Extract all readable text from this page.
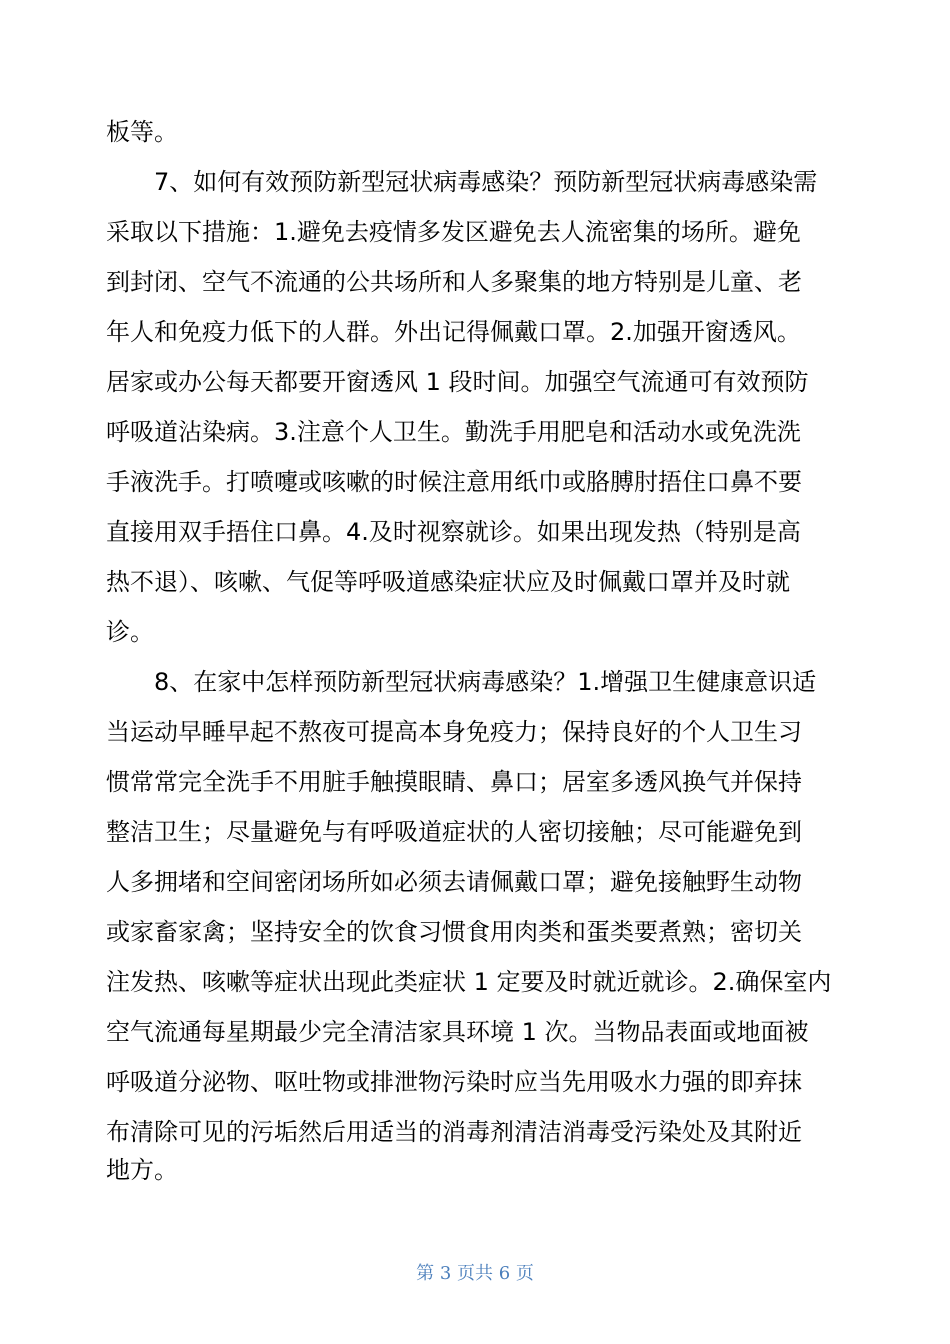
板等。
7、如何有效预防新型冠状病毒感染？预防新型冠状病毒感染需
采取以下措施：1.避免去疫情多发区避免去人流密集的场所。避免
到封闭、空气不流通的公共场所和人多聚集的地方特别是儿童、老
年人和免疫力低下的人群。外出记得佩戴口罩。2.加强开窗透风。
居家或办公每天都要开窗透风 1 段时间。加强空气流通可有效预防
呼吸道沾染病。3.注意个人卫生。勤洗手用肥皂和活动水或免洗洗
手液洗手。打喷嚏或咳嗽的时候注意用纸巾或胳膊肘捂住口鼻不要
直接用双手捂住口鼻。4.及时视察就诊。如果出现发热（特别是高
热不退）、咳嗽、气促等呼吸道感染症状应及时佩戴口罩并及时就
诊。
8、在家中怎样预防新型冠状病毒感染？1.增强卫生健康意识适
当运动早睡早起不熬夜可提高本身免疫力；保持良好的个人卫生习
惯常常完全洗手不用脏手触摸眼睛、鼻口；居室多透风换气并保持
整洁卫生；尽量避免与有呼吸道症状的人密切接触；尽可能避免到
人多拥堵和空间密闭场所如必须去请佩戴口罩；避免接触野生动物
或家畜家禽；坚持安全的饮食习惯食用肉类和蛋类要煮熟；密切关
注发热、咳嗽等症状出现此类症状 1 定要及时就近就诊。2.确保室内
空气流通每星期最少完全清洁家具环境 1 次。当物品表面或地面被
呼吸道分泌物、呕吐物或排泄物污染时应当先用吸水力强的即弃抹
布清除可见的污垢然后用适当的消毒剂清洁消毒受污染处及其附近
地方。
第 3 页共 6 页
